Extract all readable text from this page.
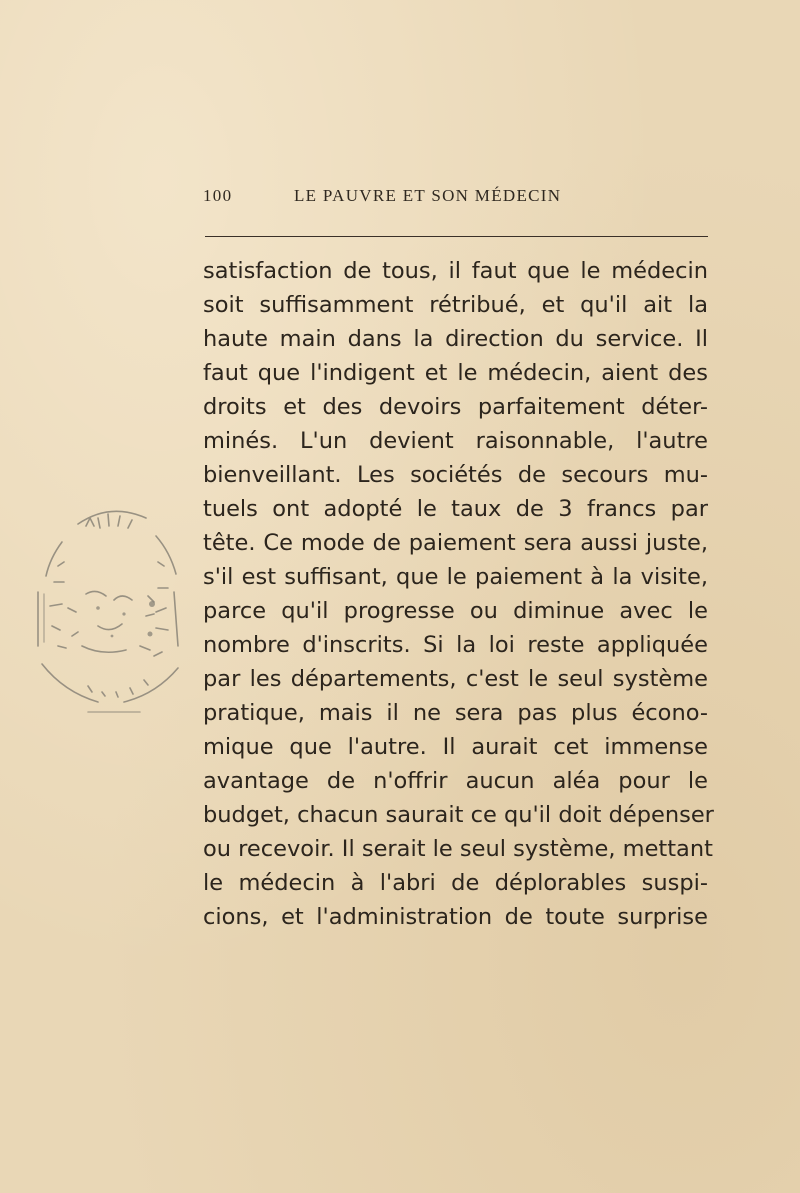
100	LE PAUVRE ET SON MÉDECIN
satisfaction de tous, il faut que le médecin
soit suffisamment rétribué, et qu'il ait la
haute main dans la direction du service. Il
faut que l'indigent et le médecin, aient des
droits et des devoirs parfaitement déter-
minés. L'un devient raisonnable, l'autre
bienveillant. Les sociétés de secours mu-
tuels ont adopté le taux de 3 francs par
tête. Ce mode de paiement sera aussi juste,
s'il est suffisant, que le paiement à la visite,
parce qu'il progresse ou diminue avec le
nombre d'inscrits. Si la loi reste appliquée
par les départements, c'est le seul système
pratique, mais il ne sera pas plus écono-
mique que l'autre. Il aurait cet immense
avantage de n'offrir aucun aléa pour le
budget, chacun saurait ce qu'il doit dépenser
ou recevoir. Il serait le seul système, mettant
le médecin à l'abri de déplorables suspi-
cions, et l'administration de toute surprise
